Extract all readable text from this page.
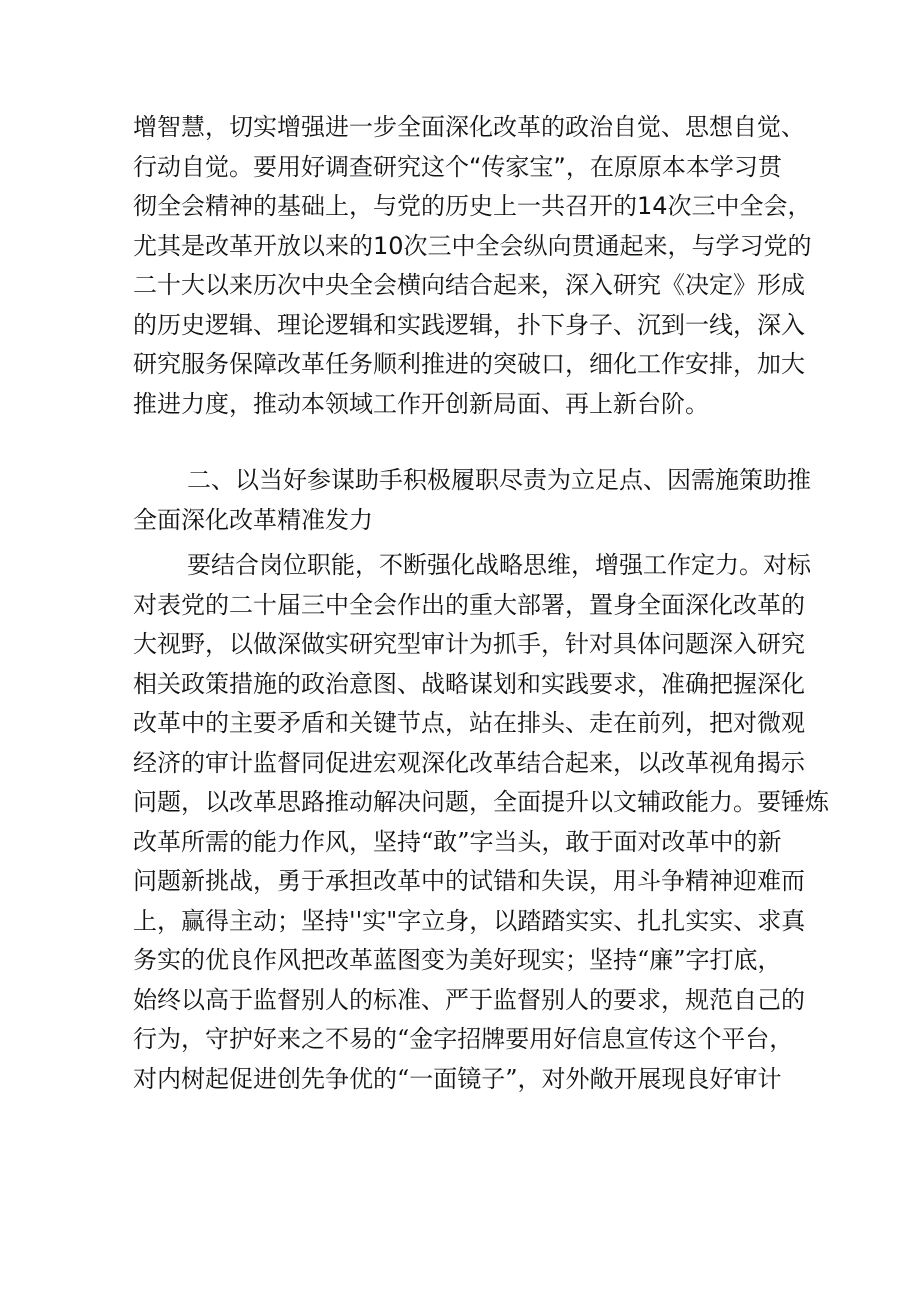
增智慧，切实增强进一步全面深化改革的政治自觉、思想自觉、
行动自觉。要用好调查研究这个“传家宝”，在原原本本学习贯
彻全会精神的基础上，与党的历史上一共召开的14次三中全会，
尤其是改革开放以来的10次三中全会纵向贯通起来，与学习党的
二十大以来历次中央全会横向结合起来，深入研究《决定》形成
的历史逻辑、理论逻辑和实践逻辑，扑下身子、沉到一线，深入
研究服务保障改革任务顺利推进的突破口，细化工作安排，加大
推进力度，推动本领域工作开创新局面、再上新台阶。
二、以当好参谋助手积极履职尽责为立足点、因需施策助推
全面深化改革精准发力
要结合岗位职能，不断强化战略思维，增强工作定力。对标
对表党的二十届三中全会作出的重大部署，置身全面深化改革的
大视野，以做深做实研究型审计为抓手，针对具体问题深入研究
相关政策措施的政治意图、战略谋划和实践要求，准确把握深化
改革中的主要矛盾和关键节点，站在排头、走在前列，把对微观
经济的审计监督同促进宏观深化改革结合起来，以改革视角揭示
问题，以改革思路推动解决问题，全面提升以文辅政能力。要锤炼
改革所需的能力作风，坚持“敢”字当头，敢于面对改革中的新
问题新挑战，勇于承担改革中的试错和失误，用斗争精神迎难而
上，赢得主动；坚持''实"字立身，以踏踏实实、扎扎实实、求真
务实的优良作风把改革蓝图变为美好现实；坚持“廉”字打底，
始终以高于监督别人的标准、严于监督别人的要求，规范自己的
行为，守护好来之不易的“金字招牌要用好信息宣传这个平台，
对内树起促进创先争优的“一面镜子”，对外敞开展现良好审计
